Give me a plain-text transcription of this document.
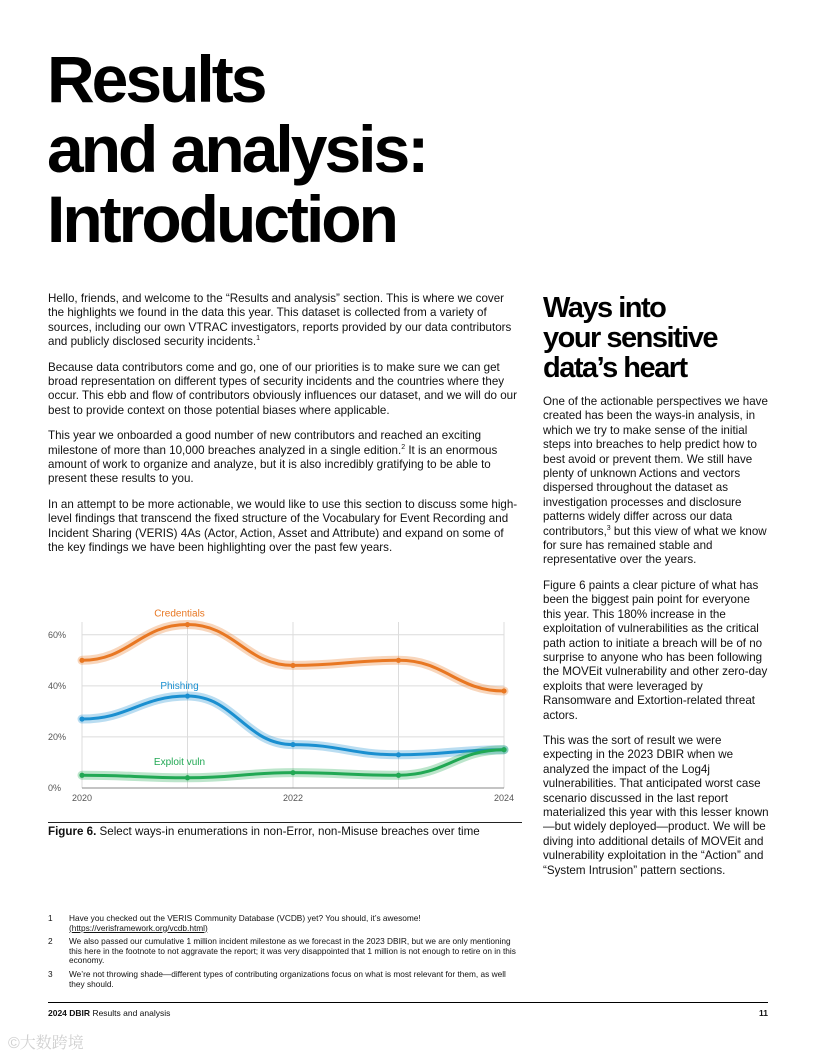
Results
and analysis:
Introduction

Hello, friends, and welcome to the “Results and analysis” section. This is where we cover the highlights we found in the data this year. This dataset is collected from a variety of sources, including our own VTRAC investigators, reports provided by our data contributors and publicly disclosed security incidents.$^1$

Because data contributors come and go, one of our priorities is to make sure we can get broad representation on different types of security incidents and the countries where they occur. This ebb and flow of contributors obviously influences our dataset, and we will do our best to provide context on those potential biases where applicable.

This year we onboarded a good number of new contributors and reached an exciting milestone of more than 10,000 breaches analyzed in a single edition.$^2$ It is an enormous amount of work to organize and analyze, but it is also incredibly gratifying to be able to present these results to you.

In an attempt to be more actionable, we would like to use this section to discuss some high-level findings that transcend the fixed structure of the Vocabulary for Event Recording and Incident Sharing (VERIS) 4As (Actor, Action, Asset and Attribute) and expand on some of the key findings we have been highlighting over the past few years.

Ways into
your sensitive
data’s heart

One of the actionable perspectives we have created has been the ways-in analysis, in which we try to make sense of the initial steps into breaches to help predict how to best avoid or prevent them. We still have plenty of unknown Actions and vectors dispersed throughout the dataset as investigation processes and disclosure patterns widely differ across our data contributors,$^3$ but this view of what we know for sure has remained stable and representative over the years.

Figure 6 paints a clear picture of what has been the biggest pain point for everyone this year. This 180% increase in the exploitation of vulnerabilities as the critical path action to initiate a breach will be of no surprise to anyone who has been following the MOVEit vulnerability and other zero-day exploits that were leveraged by Ransomware and Extortion-related threat actors.

This was the sort of result we were expecting in the 2023 DBIR when we analyzed the impact of the Log4j vulnerabilities. That anticipated worst case scenario discussed in the last report materialized this year with this lesser known—but widely deployed—product. We will be diving into additional details of MOVEit and vulnerability exploitation in the “Action” and “System Intrusion” pattern sections.

0%
20%
40%
60%
2020	2022	2024
Credentials
Phishing
Exploit vuln
Figure 6. Select ways-in enumerations in non-Error, non-Misuse breaches over time
1	Have you checked out the VERIS Community Database (VCDB) yet? You should, it’s awesome!
(https://verisframework.org/vcdb.html)
2	We also passed our cumulative 1 million incident milestone as we forecast in the 2023 DBIR, but we are only mentioning this here in the footnote to not aggravate the report; it was very disappointed that 1 million is not enough to retire on in this economy.
3	We’re not throwing shade—different types of contributing organizations focus on what is most relevant for them, as well they should.
2024 DBIR Results and analysis	11
©大数跨境
